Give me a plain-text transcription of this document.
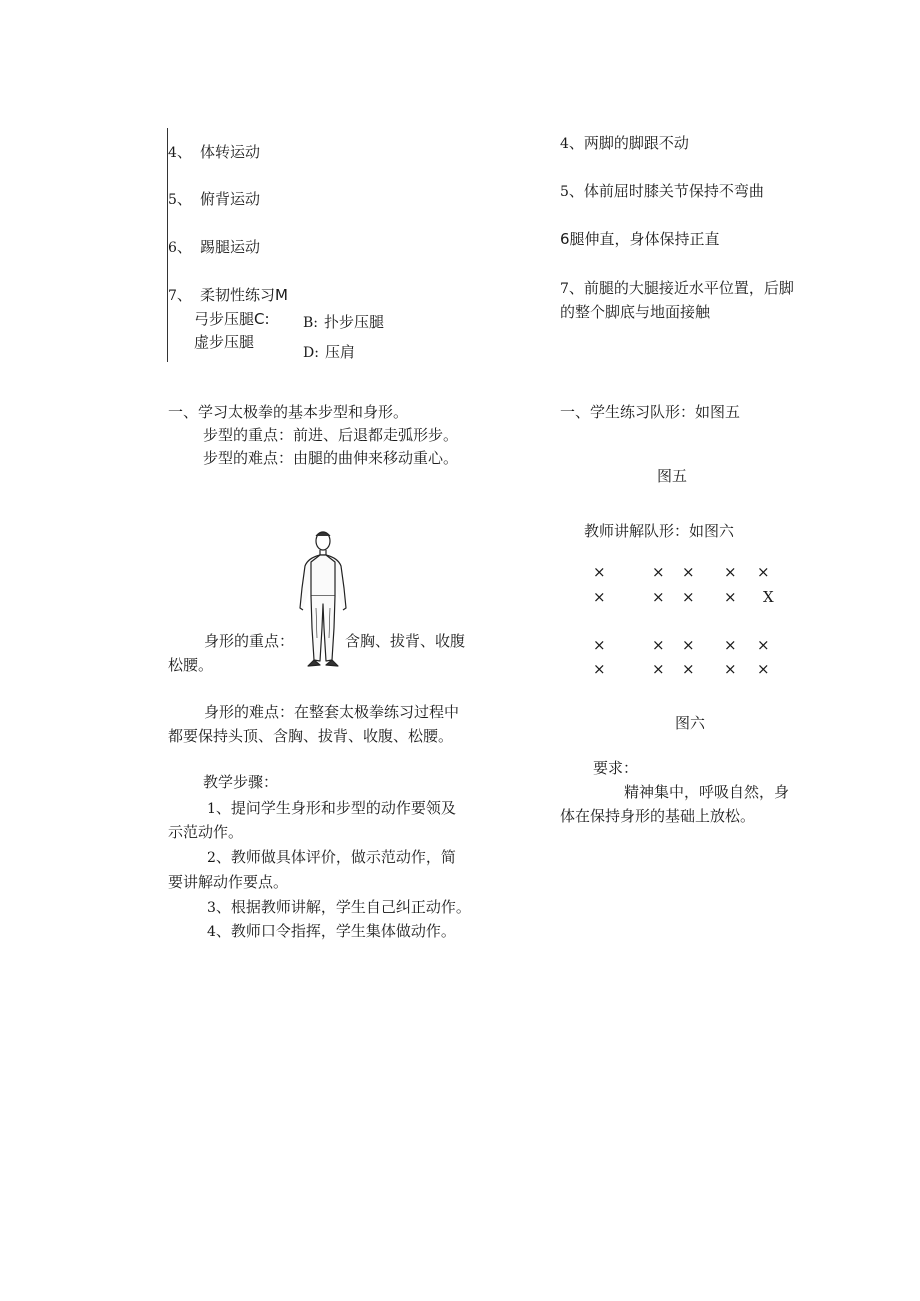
4、 体转运动
5、 俯背运动
6、 踢腿运动
7、 柔韧性练习M
弓步压腿C: B: 扑步压腿
虚步压腿
D: 压肩
4、两脚的脚跟不动
5、体前屈时膝关节保持不弯曲
6腿伸直，身体保持正直
7、前腿的大腿接近水平位置，后脚
的整个脚底与地面接触
一、学习太极拳的基本步型和身形。
步型的重点：前进、后退都走弧形步。
步型的难点：由腿的曲伸来移动重心。
身形的重点：	含胸、拔背、收腹
松腰。
身形的难点：在整套太极拳练习过程中
都要保持头顶、含胸、拔背、收腹、松腰。
教学步骤：
1、提问学生身形和步型的动作要领及
示范动作。
2、教师做具体评价，做示范动作，简
要讲解动作要点。
3、根据教师讲解，学生自己纠正动作。
4、教师口令指挥，学生集体做动作。
一、学生练习队形：如图五
图五
教师讲解队形：如图六
×	× × × ×
×	× × × X
×	× × × ×
×	× × × ×
图六
要求：
精神集中，呼吸自然，身
体在保持身形的基础上放松。
